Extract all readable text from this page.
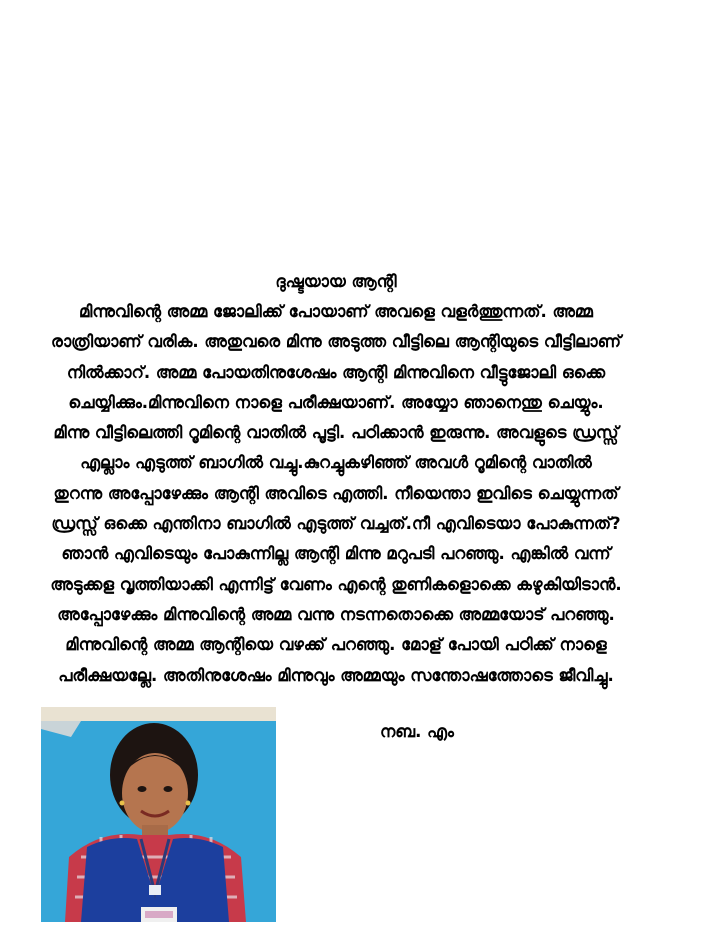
ദുഷ്ടയായ ആന്റി
മിന്നുവിന്റെ അമ്മ ജോലിക്ക് പോയാണ് അവളെ വളർത്തുന്നത്. അമ്മ
രാത്രിയാണ് വരിക. അതുവരെ മിന്നു അടുത്ത വീട്ടിലെ ആന്റിയുടെ വീട്ടിലാണ്
നിൽക്കാറ്. അമ്മ പോയതിനുശേഷം ആന്റി മിന്നുവിനെ വീട്ടുജോലി ഒക്കെ
ചെയ്യിക്കും.മിന്നുവിനെ നാളെ പരീക്ഷയാണ്. അയ്യോ ഞാനെന്തു ചെയ്യും.
മിന്നു വീട്ടിലെത്തി റൂമിന്റെ വാതിൽ പൂട്ടി. പഠിക്കാൻ ഇരുന്നു. അവളുടെ ഡ്രസ്സ്
എല്ലാം എടുത്ത് ബാഗിൽ വച്ചു.കുറച്ചുകഴിഞ്ഞ് അവൾ റൂമിന്റെ വാതിൽ
തുറന്നു അപ്പോഴേക്കും ആന്റി അവിടെ എത്തി. നീയെന്താ ഇവിടെ ചെയ്യുന്നത്
ഡ്രസ്സ് ഒക്കെ എന്തിനാ ബാഗിൽ എടുത്ത് വച്ചത്.നീ എവിടെയാ പോകുന്നത്?
ഞാൻ എവിടെയും പോകുന്നില്ല ആന്റി മിന്നു മറുപടി പറഞ്ഞു. എങ്കിൽ വന്ന്
അടുക്കള വൃത്തിയാക്കി എന്നിട്ട് വേണം എന്റെ തുണികളൊക്കെ കഴുകിയിടാൻ.
അപ്പോഴേക്കും മിന്നുവിന്റെ അമ്മ വന്നു നടന്നതൊക്കെ അമ്മയോട് പറഞ്ഞു.
മിന്നുവിന്റെ അമ്മ ആന്റിയെ വഴക്ക് പറഞ്ഞു. മോള് പോയി പഠിക്ക് നാളെ
പരീക്ഷയല്ലേ. അതിനുശേഷം മിന്നുവും അമ്മയും സന്തോഷത്തോടെ ജീവിച്ചു.
നബ. എം
